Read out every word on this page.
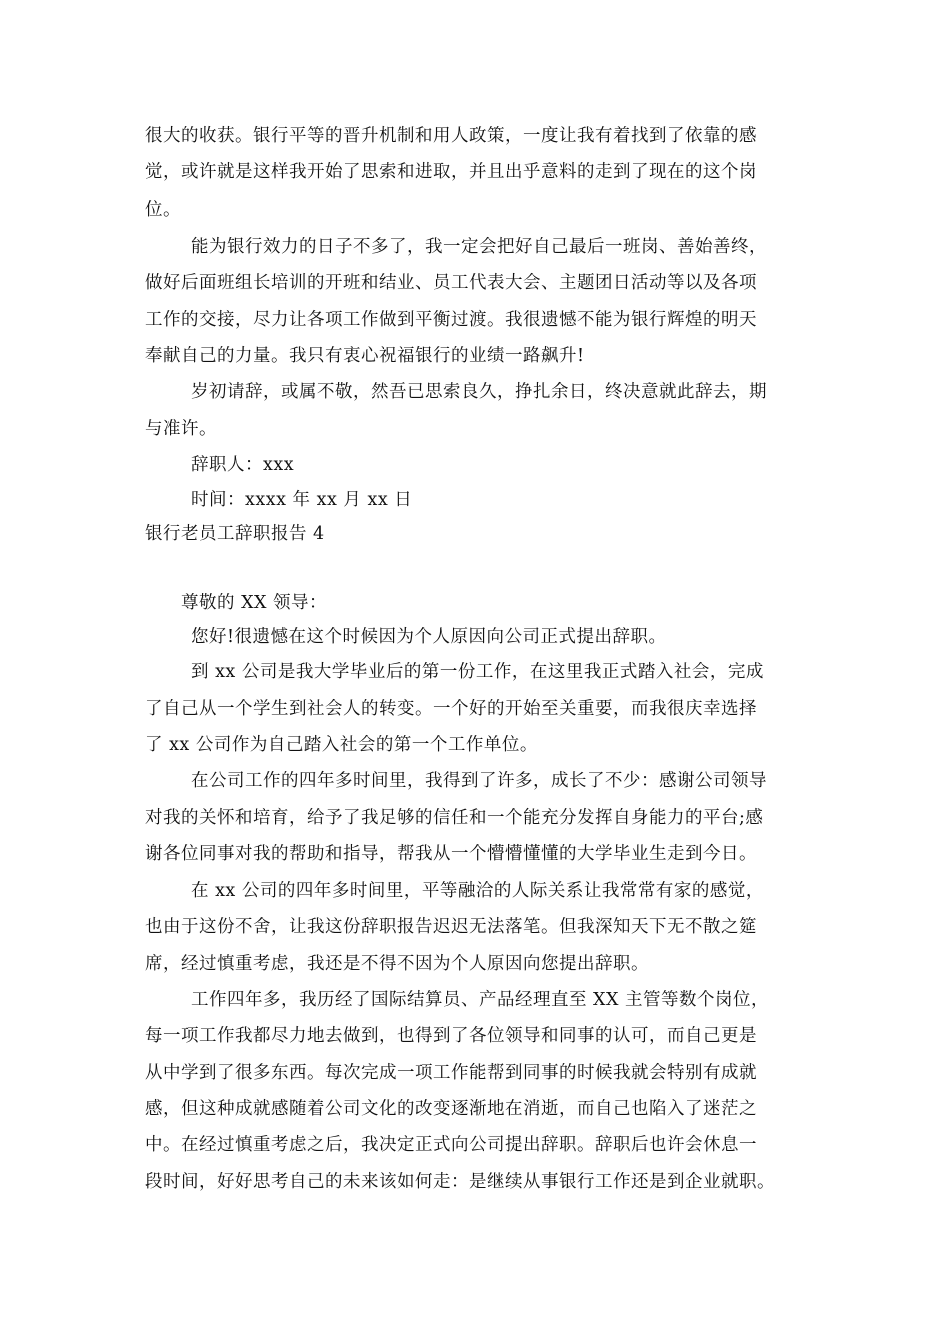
很大的收获。银行平等的晋升机制和用人政策，一度让我有着找到了依靠的感
觉，或许就是这样我开始了思索和进取，并且出乎意料的走到了现在的这个岗
位。
能为银行效力的日子不多了，我一定会把好自己最后一班岗、善始善终，
做好后面班组长培训的开班和结业、员工代表大会、主题团日活动等以及各项
工作的交接，尽力让各项工作做到平衡过渡。我很遗憾不能为银行辉煌的明天
奉献自己的力量。我只有衷心祝福银行的业绩一路飙升!
岁初请辞，或属不敬，然吾已思索良久，挣扎余日，终决意就此辞去，期
与准许。
辞职人：xxx
时间：xxxx 年 xx 月 xx 日
银行老员工辞职报告 4
尊敬的 XX 领导：
您好!很遗憾在这个时候因为个人原因向公司正式提出辞职。
到 xx 公司是我大学毕业后的第一份工作，在这里我正式踏入社会，完成
了自己从一个学生到社会人的转变。一个好的开始至关重要，而我很庆幸选择
了 xx 公司作为自己踏入社会的第一个工作单位。
在公司工作的四年多时间里，我得到了许多，成长了不少：感谢公司领导
对我的关怀和培育，给予了我足够的信任和一个能充分发挥自身能力的平台;感
谢各位同事对我的帮助和指导，帮我从一个懵懵懂懂的大学毕业生走到今日。
在 xx 公司的四年多时间里，平等融洽的人际关系让我常常有家的感觉，
也由于这份不舍，让我这份辞职报告迟迟无法落笔。但我深知天下无不散之筵
席，经过慎重考虑，我还是不得不因为个人原因向您提出辞职。
工作四年多，我历经了国际结算员、产品经理直至 XX 主管等数个岗位，
每一项工作我都尽力地去做到，也得到了各位领导和同事的认可，而自己更是
从中学到了很多东西。每次完成一项工作能帮到同事的时候我就会特别有成就
感，但这种成就感随着公司文化的改变逐渐地在消逝，而自己也陷入了迷茫之
中。在经过慎重考虑之后，我决定正式向公司提出辞职。辞职后也许会休息一
段时间，好好思考自己的未来该如何走：是继续从事银行工作还是到企业就职。
